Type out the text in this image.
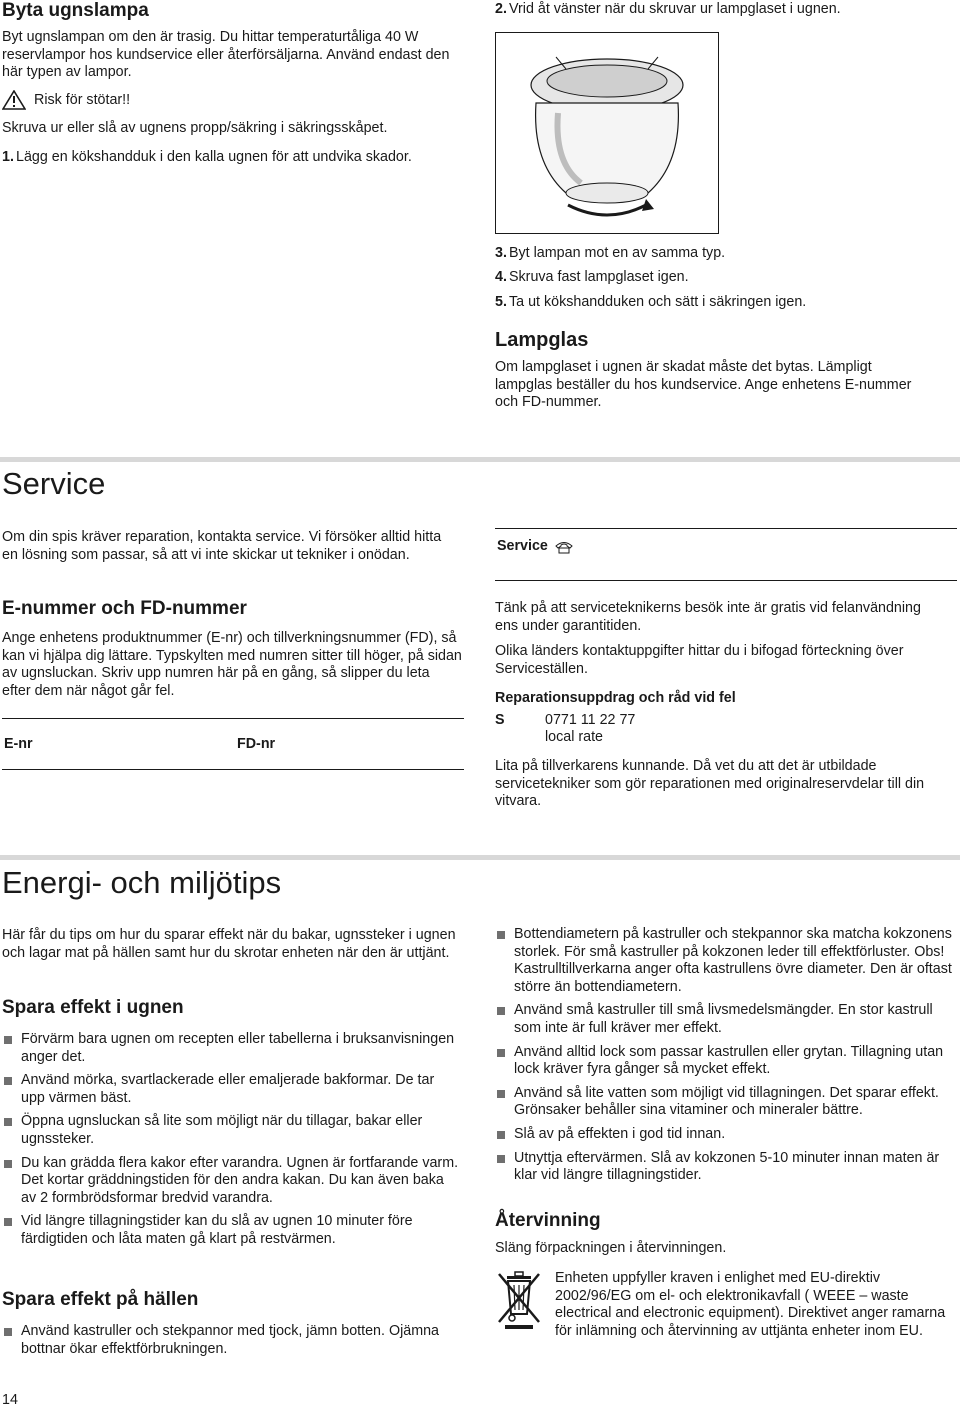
Byta ugnslampa

Byt ugnslampan om den är trasig. Du hittar temperaturtåliga 40 W reservlampor hos kundservice eller återförsäljarna. Använd endast den här typen av lampor.

Risk för stötar!!

Skruva ur eller slå av ugnens propp/säkring i säkringsskåpet.

1. Lägg en kökshandduk i den kalla ugnen för att undvika skador.
2. Vrid åt vänster när du skruvar ur lampglaset i ugnen.
3. Byt lampan mot en av samma typ.
4. Skruva fast lampglaset igen.
5. Ta ut kökshandduken och sätt i säkringen igen.
Lampglas

Om lampglaset i ugnen är skadat måste det bytas. Lämpligt lampglas beställer du hos kundservice. Ange enhetens E-nummer och FD-nummer.

Service

Om din spis kräver reparation, kontakta service. Vi försöker alltid hitta en lösning som passar, så att vi inte skickar ut tekniker i onödan.

E-nummer och FD-nummer

Ange enhetens produktnummer (E-nr) och tillverkningsnummer (FD), så kan vi hjälpa dig lättare. Typskylten med numren sitter till höger, på sidan av ugnsluckan. Skriv upp numren här på en gång, så slipper du leta efter dem när något går fel.

E-nr	FD-nr
Service

Tänk på att serviceteknikerns besök inte är gratis vid felanvändning ens under garantitiden.

Olika länders kontaktuppgifter hittar du i bifogad förteckning över Serviceställen.

Reparationsuppdrag och råd vid fel

S	0771 11 22 77
local rate

Lita på tillverkarens kunnande. Då vet du att det är utbildade servicetekniker som gör reparationen med originalreservdelar till din vitvara.

Energi- och miljötips

Här får du tips om hur du sparar effekt när du bakar, ugnssteker i ugnen och lagar mat på hällen samt hur du skrotar enheten när den är uttjänt.

Spara effekt i ugnen
Förvärm bara ugnen om recepten eller tabellerna i bruksanvisningen anger det.
Använd mörka, svartlackerade eller emaljerade bakformar. De tar upp värmen bäst.
Öppna ugnsluckan så lite som möjligt när du tillagar, bakar eller ugnssteker.
Du kan grädda flera kakor efter varandra. Ugnen är fortfarande varm. Det kortar gräddningstiden för den andra kakan. Du kan även baka av 2 formbrödsformar bredvid varandra.
Vid längre tillagningstider kan du slå av ugnen 10 minuter före färdigtiden och låta maten gå klart på restvärmen.
Spara effekt på hällen
Använd kastruller och stekpannor med tjock, jämn botten. Ojämna bottnar ökar effektförbrukningen.
Bottendiametern på kastruller och stekpannor ska matcha kokzonens storlek. För små kastruller på kokzonen leder till effektförluster. Obs! Kastrulltillverkarna anger ofta kastrullens övre diameter. Den är oftast större än bottendiametern.
Använd små kastruller till små livsmedelsmängder. En stor kastrull som inte är full kräver mer effekt.
Använd alltid lock som passar kastrullen eller grytan. Tillagning utan lock kräver fyra gånger så mycket effekt.
Använd så lite vatten som möjligt vid tillagningen. Det sparar effekt. Grönsaker behåller sina vitaminer och mineraler bättre.
Slå av på effekten i god tid innan.
Utnyttja eftervärmen. Slå av kokzonen 5-10 minuter innan maten är klar vid längre tillagningstider.
Återvinning

Släng förpackningen i återvinningen.

Enheten uppfyller kraven i enlighet med EU-direktiv 2002/96/EG om el- och elektronikavfall ( WEEE – waste electrical and electronic equipment). Direktivet anger ramarna för inlämning och återvinning av uttjänta enheter inom EU.

14
